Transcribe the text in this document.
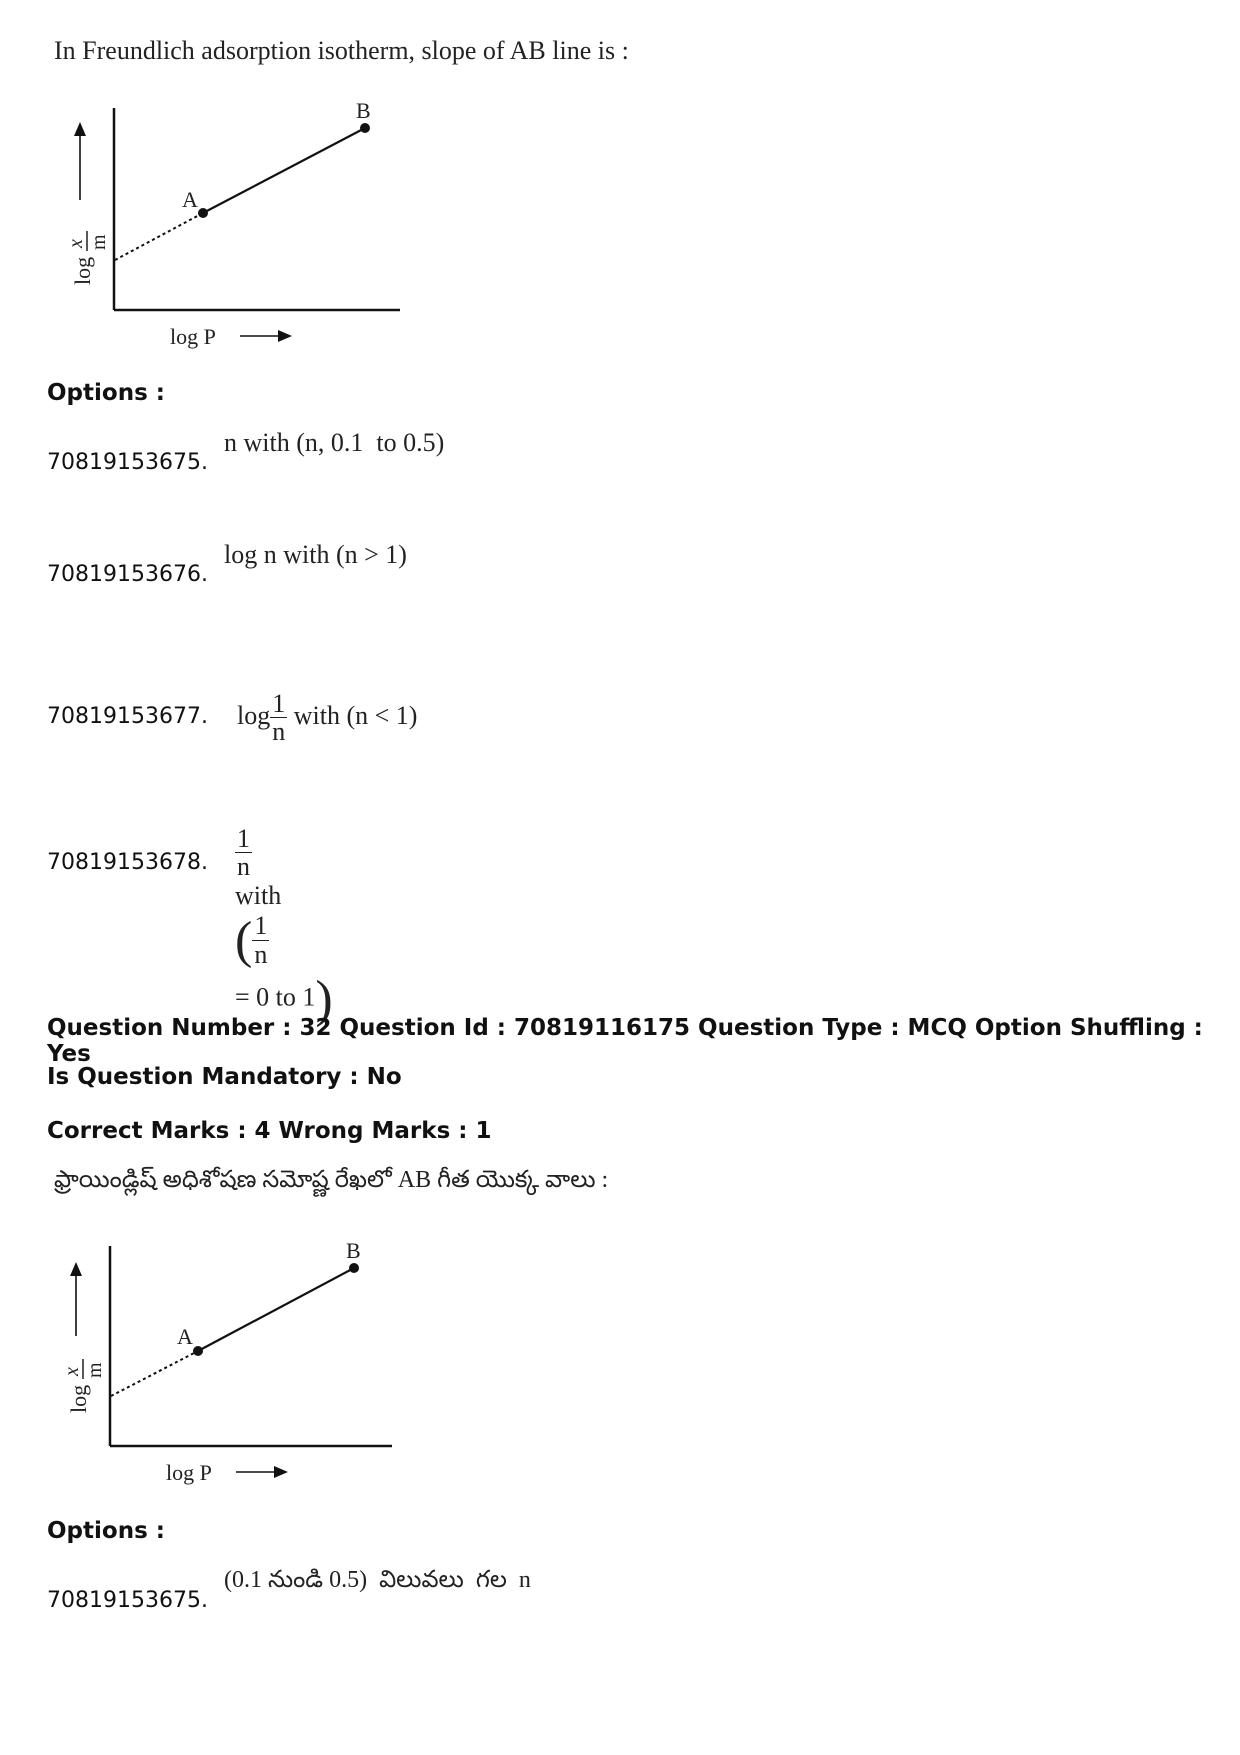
In Freundlich adsorption isotherm, slope of AB line is :
A
B
log
x m
log P
Options :
70819153675.
n with (n, 0.1  to 0.5)
70819153676.
log n with (n > 1)
70819153677.	$\log \frac{1}{n}$ with (n < 1)

70819153678.

$\frac{1}{n}$

with
( $\frac{1}{n}$

= 0 to 1)

Question Number : 32 Question Id : 70819116175 Question Type : MCQ Option Shuffling : Yes
Is Question Mandatory : No
Correct Marks : 4 Wrong Marks : 1
ఫ్రాయిండ్లిష్ అధిశోషణ సమోష్ణ రేఖలో AB గీత యొక్క వాలు :
A
B
log
x m
log P
Options :
70819153675.
(0.1 నుండి 0.5)  విలువలు  గల  n
